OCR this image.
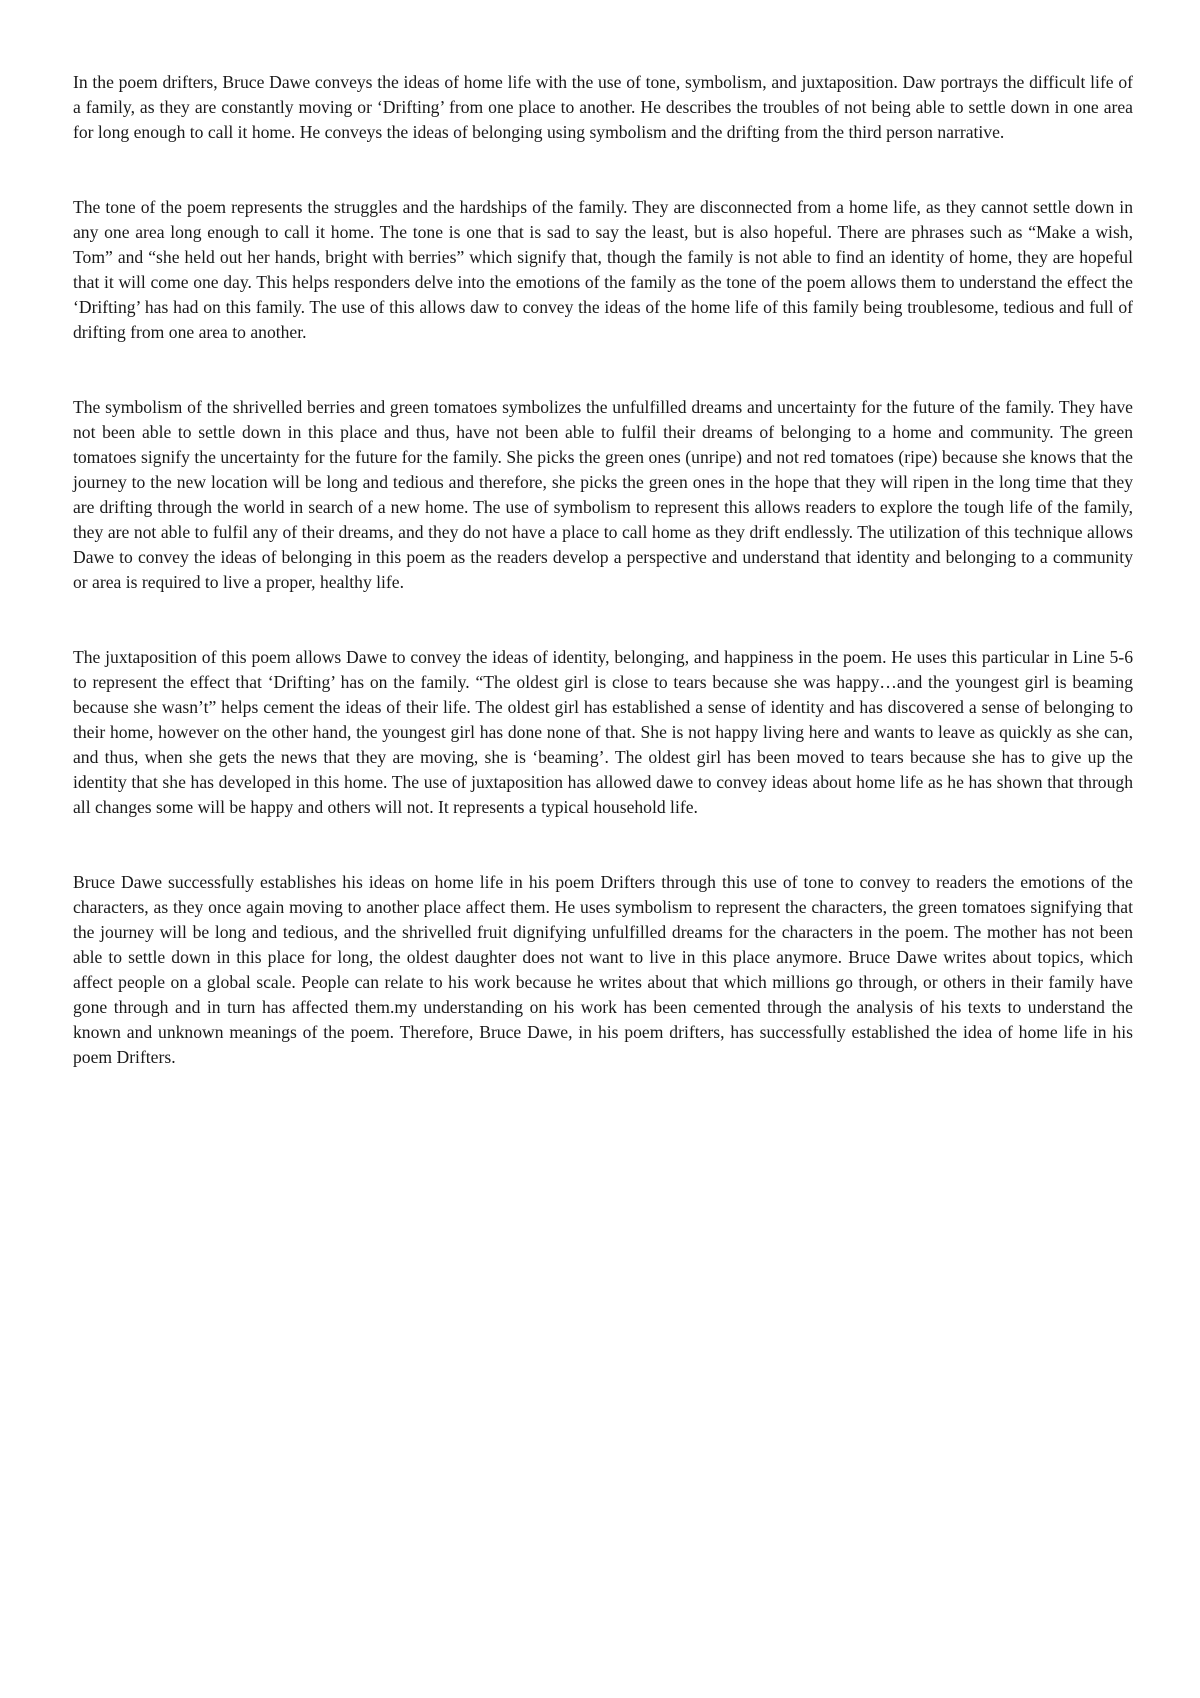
In the poem drifters, Bruce Dawe conveys the ideas of home life with the use of tone, symbolism, and juxtaposition. Daw portrays the difficult life of a family, as they are constantly moving or ‘Drifting’ from one place to another. He describes the troubles of not being able to settle down in one area for long enough to call it home. He conveys the ideas of belonging using symbolism and the drifting from the third person narrative.

The tone of the poem represents the struggles and the hardships of the family. They are disconnected from a home life, as they cannot settle down in any one area long enough to call it home. The tone is one that is sad to say the least, but is also hopeful. There are phrases such as “Make a wish, Tom” and “she held out her hands, bright with berries” which signify that, though the family is not able to find an identity of home, they are hopeful that it will come one day. This helps responders delve into the emotions of the family as the tone of the poem allows them to understand the effect the ‘Drifting’ has had on this family. The use of this allows daw to convey the ideas of the home life of this family being troublesome, tedious and full of drifting from one area to another.

The symbolism of the shrivelled berries and green tomatoes symbolizes the unfulfilled dreams and uncertainty for the future of the family. They have not been able to settle down in this place and thus, have not been able to fulfil their dreams of belonging to a home and community. The green tomatoes signify the uncertainty for the future for the family. She picks the green ones (unripe) and not red tomatoes (ripe) because she knows that the journey to the new location will be long and tedious and therefore, she picks the green ones in the hope that they will ripen in the long time that they are drifting through the world in search of a new home. The use of symbolism to represent this allows readers to explore the tough life of the family, they are not able to fulfil any of their dreams, and they do not have a place to call home as they drift endlessly. The utilization of this technique allows Dawe to convey the ideas of belonging in this poem as the readers develop a perspective and understand that identity and belonging to a community or area is required to live a proper, healthy life.

The juxtaposition of this poem allows Dawe to convey the ideas of identity, belonging, and happiness in the poem. He uses this particular in Line 5-6 to represent the effect that ‘Drifting’ has on the family. “The oldest girl is close to tears because she was happy…and the youngest girl is beaming because she wasn’t” helps cement the ideas of their life. The oldest girl has established a sense of identity and has discovered a sense of belonging to their home, however on the other hand, the youngest girl has done none of that. She is not happy living here and wants to leave as quickly as she can, and thus, when she gets the news that they are moving, she is ‘beaming’. The oldest girl has been moved to tears because she has to give up the identity that she has developed in this home. The use of juxtaposition has allowed dawe to convey ideas about home life as he has shown that through all changes some will be happy and others will not. It represents a typical household life.

Bruce Dawe successfully establishes his ideas on home life in his poem Drifters through this use of tone to convey to readers the emotions of the characters, as they once again moving to another place affect them. He uses symbolism to represent the characters, the green tomatoes signifying that the journey will be long and tedious, and the shrivelled fruit dignifying unfulfilled dreams for the characters in the poem. The mother has not been able to settle down in this place for long, the oldest daughter does not want to live in this place anymore. Bruce Dawe writes about topics, which affect people on a global scale. People can relate to his work because he writes about that which millions go through, or others in their family have gone through and in turn has affected them.my understanding on his work has been cemented through the analysis of his texts to understand the known and unknown meanings of the poem. Therefore, Bruce Dawe, in his poem drifters, has successfully established the idea of home life in his poem Drifters.
